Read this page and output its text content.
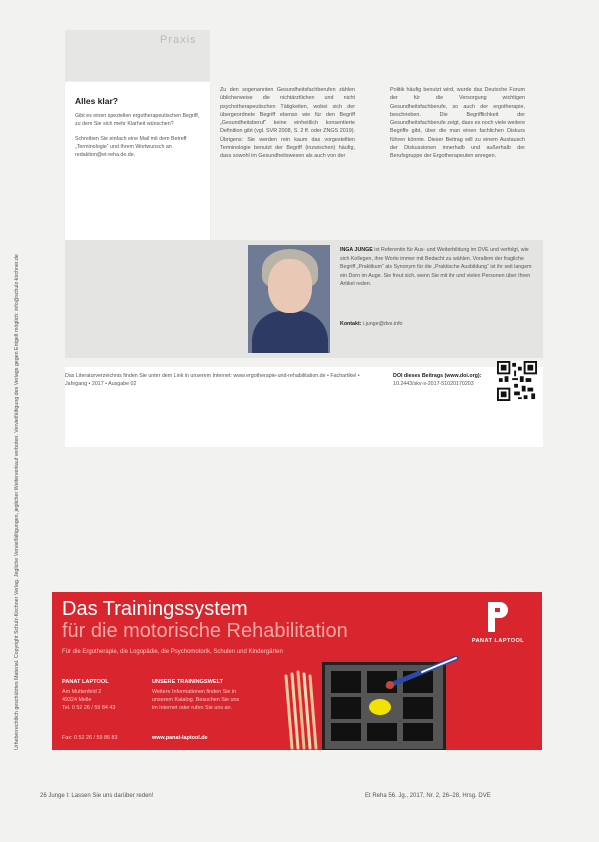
Urheberrechtlich geschütztes Material. Copyright Schulz-Kirchner Verlag. Jegliche Vervielfältigungen, jeglicher Weiterverkauf verboten. Vervielfältigung des Verlags gegen Entgelt möglich: info@schulz-kirchner.de
Praxis
Alles klar?

Gibt es einen speziellen ergotherapeutischen Begriff, zu dem Sie sich mehr Klarheit wünschen?

Schreiben Sie einfach eine Mail mit dem Betreff „Terminologie“ und Ihrem Wortwunsch an redaktion@et-reha.de.de.

Zu den sogenannten Gesundheitsfachberufen zählen üblicherweise die nichtärztlichen und nicht psychotherapeutischen Tätigkeiten, wobei sich der übergeordnete Begriff ebenso wie für den Begriff „Gesundheitsberuf“ keine einheitlich konsentierte Definition gibt (vgl. SVR 2008, S. 2 ff. oder ZNGS 2019). Übrigens: Sie werden rein kaum das vorgestellten Terminologie benutzt der Begriff (inzwischen) häufig, dass sowohl im Gesundheitswesen als auch von der
Politik häufig benutzt wird, wurde das Deutsche Forum der für die Versorgung wichtigen Gesundheitsfachberufe, so auch der ergotherapie, beschrieben. Die Begrifflichkeit der Gesundheitsfachberufe zeigt, dass es noch viele weitere Begriffe gibt, über die man einen fachlichen Diskurs führen könnte. Dieser Beitrag will zu einem Austausch der Diskussionen innerhalb und außerhalb der Berufsgruppe der Ergotherapeuten anregen.
INGA JUNGE ist Referentin für Aus- und Weiterbildung im DVE und verfolgt, wie sich Kollegen, ihre Worte immer mit Bedacht zu wählen. Vorallem der fragliche Begriff „Praktikum“ als Synonym für die „Praktische Ausbildung“ ist ihr seit langem ein Dorn im Auge. Sie freut sich, wenn Sie mit ihr und vielen Personen über Ihren Artikel reden.
Kontakt: i.junge@dve.info
Das Literaturverzeichnis finden Sie unter dem Link in unserem Internet: www.ergotherapie-und-rehabilitation.de • Fachartikel • Jahrgang • 2017 • Ausgabe 02
DOI dieses Beitrags (www.doi.org):
10.2443/skv-s-2017-51020170203
Das Trainingssystem
für die motorische Rehabilitation
Für die Ergotherapie, die Logopädie, die Psychomotorik, Schulen und Kindergärten
PANAT LAPTOOL
Am Muttenfeld 2
49324 Melle
Tel. 0 52 26 / 59 84 43
Fax: 0 52 26 / 59 86 83
UNSERE TRAININGSWELT
Weitere Informationen finden Sie in
unserem Katalog. Besuchen Sie uns
im Internet oder rufen Sie uns an.
www.panat-laptool.de
PANAT LAPTOOL
26 Junge I: Lassen Sie uns darüber reden!	Et Reha 56. Jg., 2017, Nr. 2, 26–28, Hrsg. DVE
